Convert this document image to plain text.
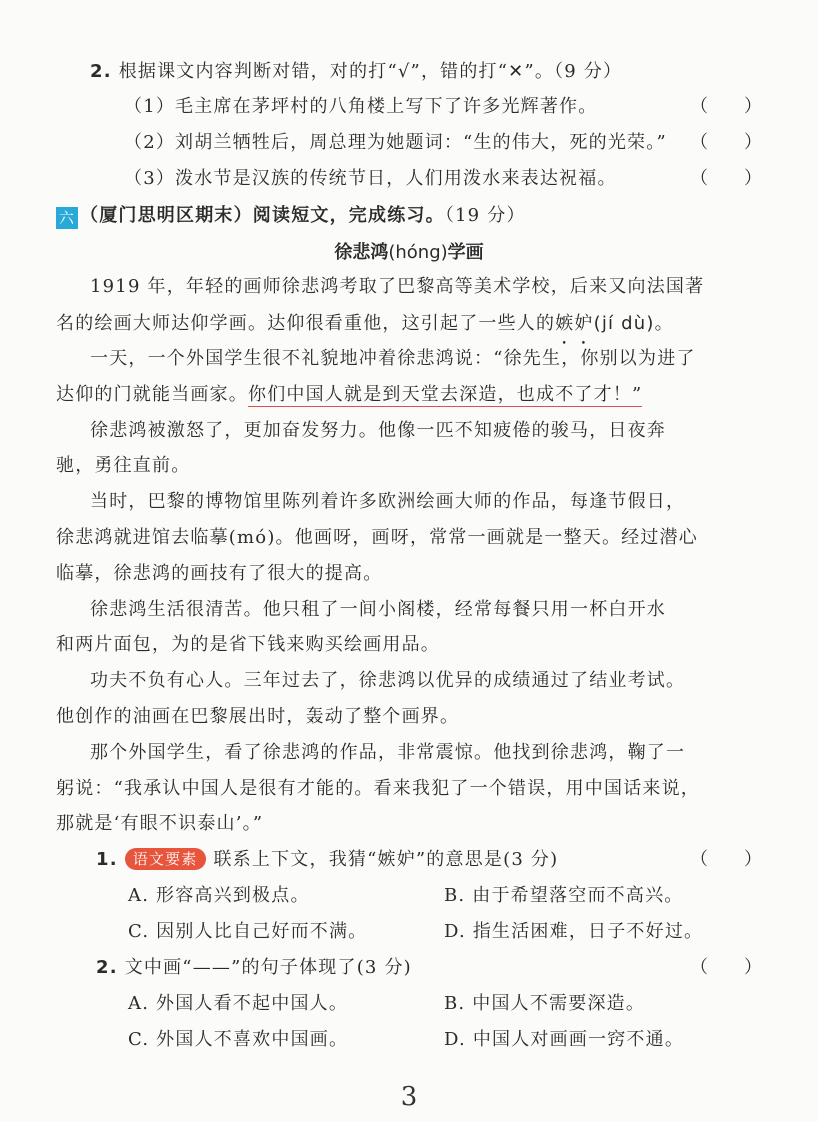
2. 根据课文内容判断对错，对的打“√”，错的打“✕”。（9 分）
（1）毛主席在茅坪村的八角楼上写下了许多光辉著作。	（　　）
（2）刘胡兰牺牲后，周总理为她题词：“生的伟大，死的光荣。” （　　）
（3）泼水节是汉族的传统节日，人们用泼水来表达祝福。	（　　）
六 （厦门思明区期末）阅读短文，完成练习。（19 分）
徐悲鸿(hóng)学画
1919 年，年轻的画师徐悲鸿考取了巴黎高等美术学校，后来又向法国著
名的绘画大师达仰学画。达仰很看重他，这引起了一些人的嫉妒(jí dù)。
一天，一个外国学生很不礼貌地冲着徐悲鸿说：“徐先生，你别以为进了
达仰的门就能当画家。你们中国人就是到天堂去深造，也成不了才！”
徐悲鸿被激怒了，更加奋发努力。他像一匹不知疲倦的骏马，日夜奔
驰，勇往直前。
当时，巴黎的博物馆里陈列着许多欧洲绘画大师的作品，每逢节假日，
徐悲鸿就进馆去临摹(mó)。他画呀，画呀，常常一画就是一整天。经过潜心
临摹，徐悲鸿的画技有了很大的提高。
徐悲鸿生活很清苦。他只租了一间小阁楼，经常每餐只用一杯白开水
和两片面包，为的是省下钱来购买绘画用品。
功夫不负有心人。三年过去了，徐悲鸿以优异的成绩通过了结业考试。
他创作的油画在巴黎展出时，轰动了整个画界。
那个外国学生，看了徐悲鸿的作品，非常震惊。他找到徐悲鸿，鞠了一
躬说：“我承认中国人是很有才能的。看来我犯了一个错误，用中国话来说，
那就是‘有眼不识泰山’。”
1. 语文要素 联系上下文，我猜“嫉妒”的意思是(3 分)	（　　）
A. 形容高兴到极点。	B. 由于希望落空而不高兴。
C. 因别人比自己好而不满。	D. 指生活困难，日子不好过。
2. 文中画“——”的句子体现了(3 分)	（　　）
A. 外国人看不起中国人。	B. 中国人不需要深造。
C. 外国人不喜欢中国画。	D. 中国人对画画一窍不通。
3
